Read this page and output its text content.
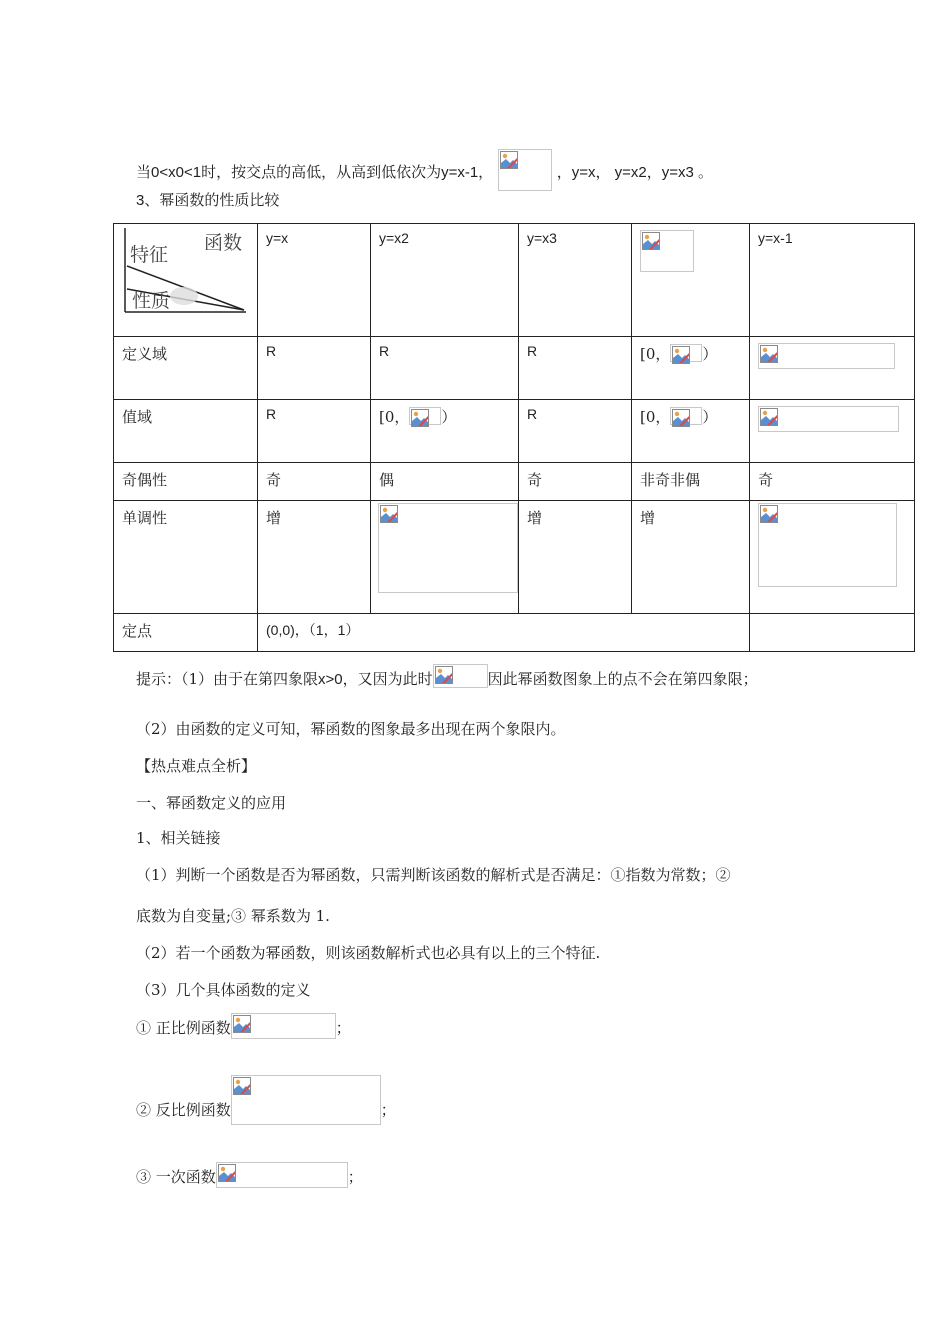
当0<x0<1时，按交点的高低，从高到低依次为y=x-1，	，y=x， y=x2，y=x3 。
3、幂函数的性质比较
函数
特征
性质	y=x	y=x2	y=x3		y=x-1
定义域	R	R	R	[0， ）	

值域	R	[0， ）	R	[0， ）	

奇偶性	奇	偶	奇	非奇非偶	奇
单调性	增		增	增	

定点	(0,0)，（1，1）				
提示：（1）由于在第四象限x>0，又因为此时	因此幂函数图象上的点不会在第四象限；
（2）由函数的定义可知，幂函数的图象最多出现在两个象限内。
【热点难点全析】
一、幂函数定义的应用
1、相关链接
（1）判断一个函数是否为幂函数，只需判断该函数的解析式是否满足：①指数为常数；②
底数为自变量;③ 幂系数为 1.
（2）若一个函数为幂函数，则该函数解析式也必具有以上的三个特征.
（3）几个具体函数的定义
① 正比例函数	；
② 反比例函数	；
③ 一次函数	；
